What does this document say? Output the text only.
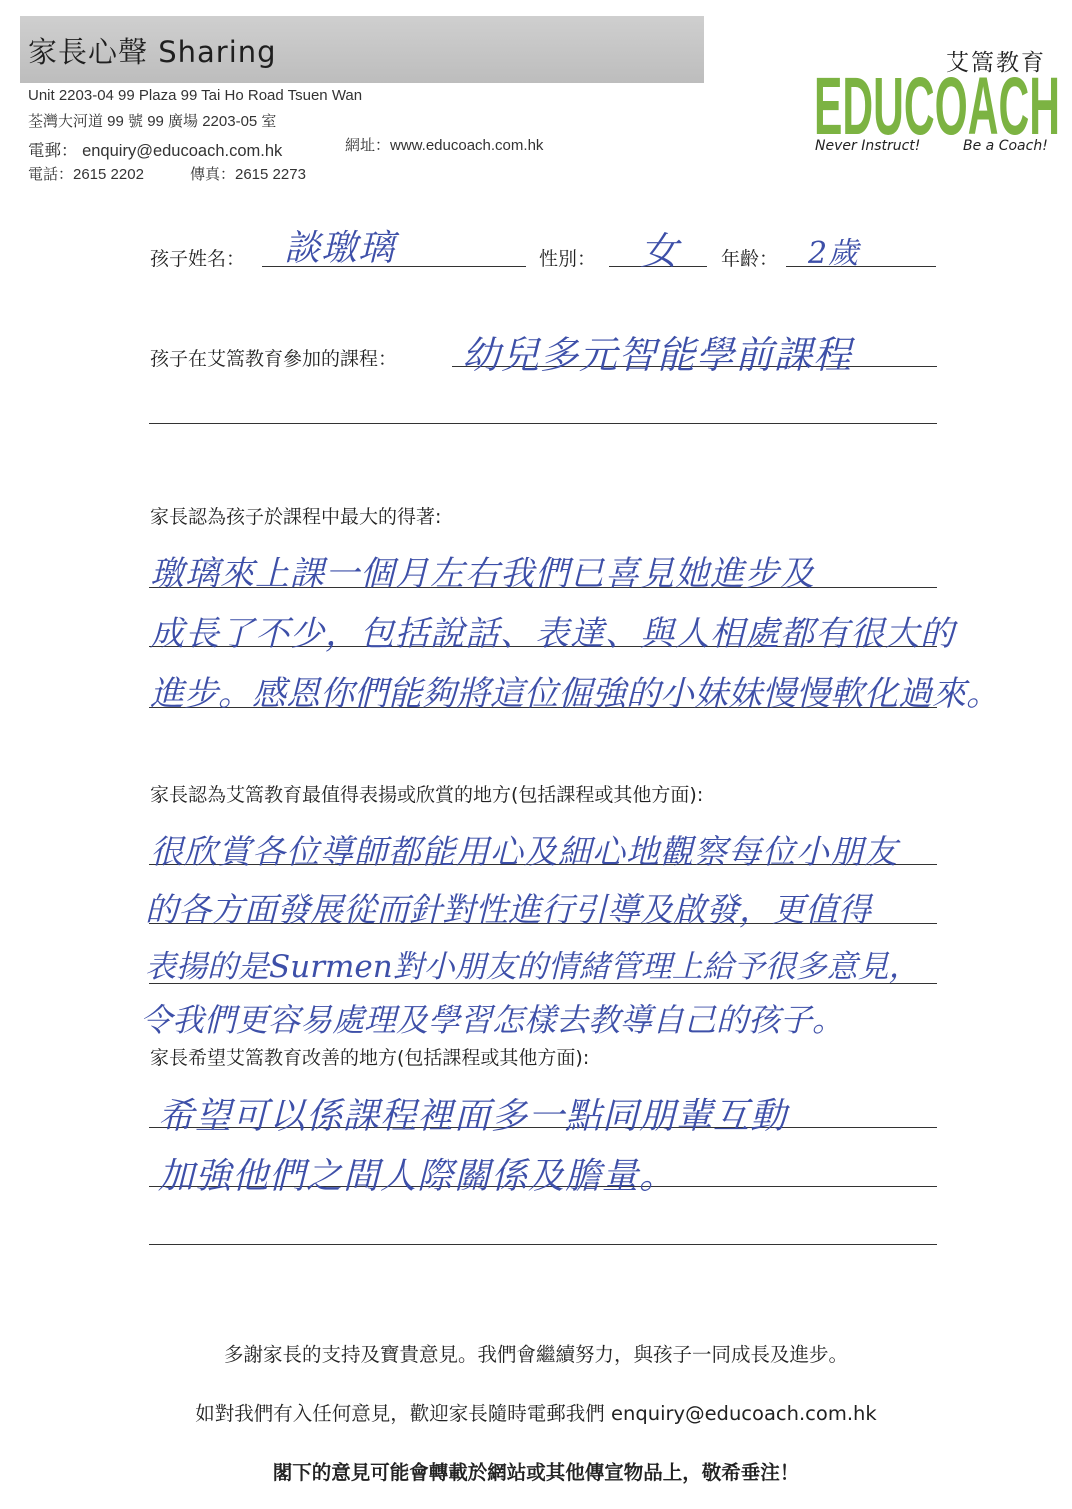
家長心聲 Sharing
Unit 2203-04 99 Plaza 99 Tai Ho Road Tsuen Wan
荃灣大河道 99 號 99 廣場 2203-05 室
電郵： enquiry@educoach.com.hk	網址：www.educoach.com.hk
電話：2615 2202	傳真：2615 2273
艾篙教育
EDUCOACH
Never Instruct!	Be a Coach!
孩子姓名： 談璬璃	性別： 女 年齡： 2歲
孩子在艾篙教育參加的課程： 幼兒多元智能學前課程
家長認為孩子於課程中最大的得著:
璬璃來上課一個月左右我們已喜見她進步及
成長了不少，包括說話、表達、與人相處都有很大的
進步。感恩你們能夠將這位倔強的小妹妹慢慢軟化過來。
家長認為艾篙教育最值得表揚或欣賞的地方(包括課程或其他方面):
很欣賞各位導師都能用心及細心地觀察每位小朋友
的各方面發展從而針對性進行引導及啟發，更值得
表揚的是Surmen對小朋友的情緒管理上給予很多意見，
令我們更容易處理及學習怎樣去教導自己的孩子。
家長希望艾篙教育改善的地方(包括課程或其他方面):
希望可以係課程裡面多一點同朋輩互動
加強他們之間人際關係及膽量。
多謝家長的支持及寶貴意見。我們會繼續努力，與孩子一同成長及進步。
如對我們有入任何意見，歡迎家長隨時電郵我們 enquiry@educoach.com.hk
閣下的意見可能會轉載於網站或其他傳宣物品上，敬希垂注！
